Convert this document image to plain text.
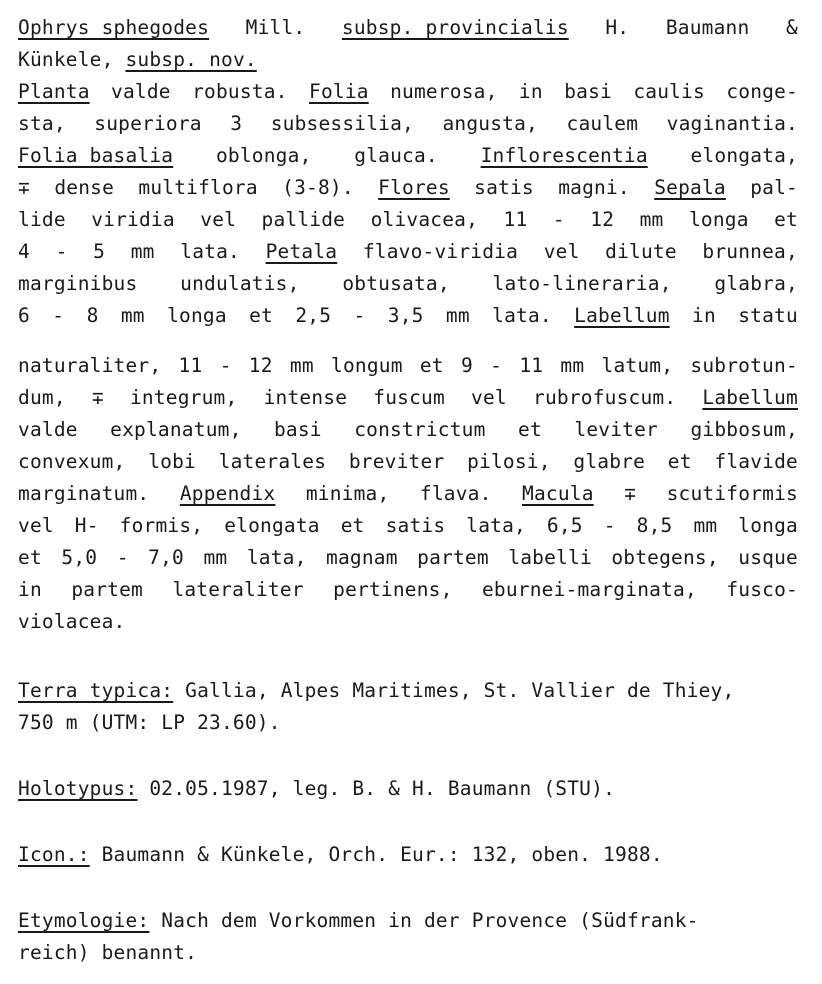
Ophrys sphegodes Mill. subsp. provincialis H. Baumann &
Künkele, subsp. nov.
Planta valde robusta. Folia numerosa, in basi caulis conge-
sta, superiora 3 subsessilia, angusta, caulem vaginantia.
Folia basalia oblonga, glauca. Inflorescentia elongata,
∓ dense multiflora (3-8). Flores satis magni. Sepala pal-
lide viridia vel pallide olivacea, 11 - 12 mm longa et
4 - 5 mm lata. Petala flavo-viridia vel dilute brunnea,
marginibus undulatis, obtusata, lato-lineraria, glabra,
6 - 8 mm longa et 2,5 - 3,5 mm lata. Labellum in statu
naturaliter, 11 - 12 mm longum et 9 - 11 mm latum, subrotun-
dum, ∓ integrum, intense fuscum vel rubrofuscum. Labellum
valde explanatum, basi constrictum et leviter gibbosum,
convexum, lobi laterales breviter pilosi, glabre et flavide
marginatum. Appendix minima, flava. Macula ∓ scutiformis
vel H- formis, elongata et satis lata, 6,5 - 8,5 mm longa
et 5,0 - 7,0 mm lata, magnam partem labelli obtegens, usque
in partem lateraliter pertinens, eburnei-marginata, fusco-
violacea.
Terra typica: Gallia, Alpes Maritimes, St. Vallier de Thiey,
750 m (UTM: LP 23.60).
Holotypus: 02.05.1987, leg. B. & H. Baumann (STU).
Icon.: Baumann & Künkele, Orch. Eur.: 132, oben. 1988.
Etymologie: Nach dem Vorkommen in der Provence (Südfrank-
reich) benannt.
